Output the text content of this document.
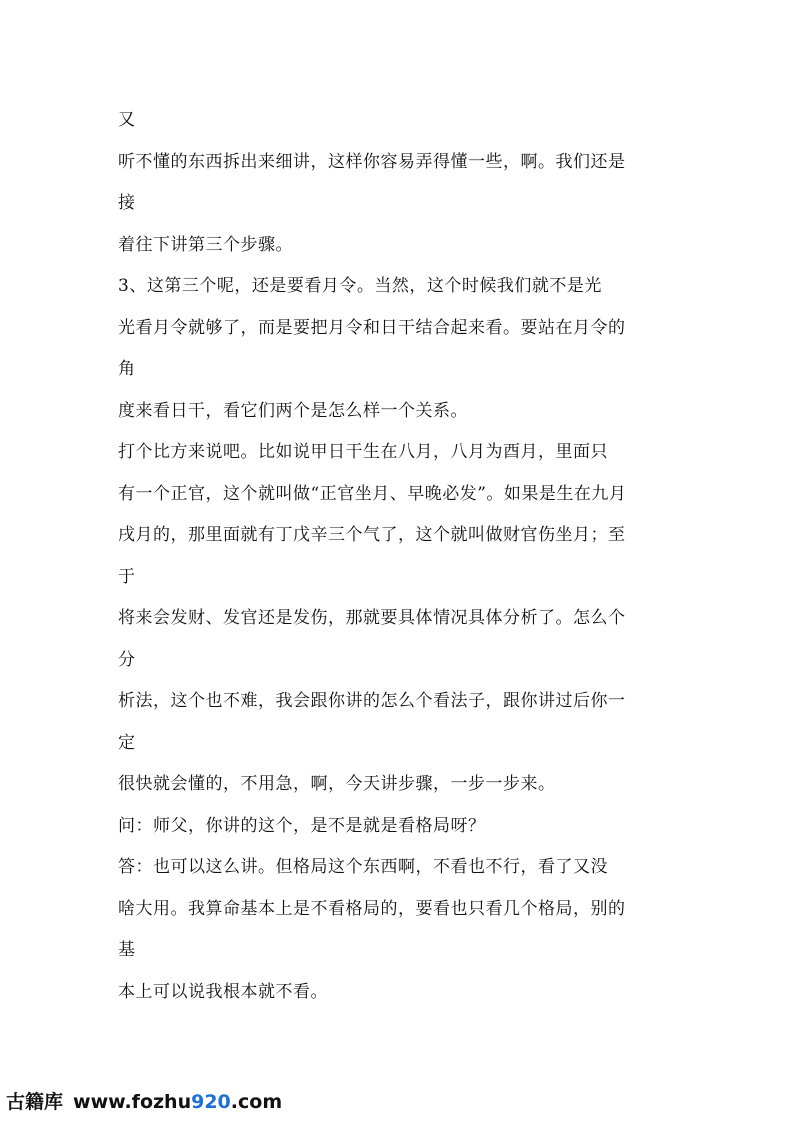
又
听不懂的东西拆出来细讲，这样你容易弄得懂一些，啊。我们还是
接
着往下讲第三个步骤。
3、这第三个呢，还是要看月令。当然，这个时候我们就不是光
光看月令就够了，而是要把月令和日干结合起来看。要站在月令的
角
度来看日干，看它们两个是怎么样一个关系。
打个比方来说吧。比如说甲日干生在八月，八月为酉月，里面只
有一个正官，这个就叫做“正官坐月、早晚必发”。如果是生在九月
戌月的，那里面就有丁戊辛三个气了，这个就叫做财官伤坐月；至
于
将来会发财、发官还是发伤，那就要具体情况具体分析了。怎么个
分
析法，这个也不难，我会跟你讲的怎么个看法子，跟你讲过后你一
定
很快就会懂的，不用急，啊，今天讲步骤，一步一步来。
问：师父，你讲的这个，是不是就是看格局呀？
答：也可以这么讲。但格局这个东西啊，不看也不行，看了又没
啥大用。我算命基本上是不看格局的，要看也只看几个格局，别的
基
本上可以说我根本就不看。
古籍库 www.fozhu920.com
